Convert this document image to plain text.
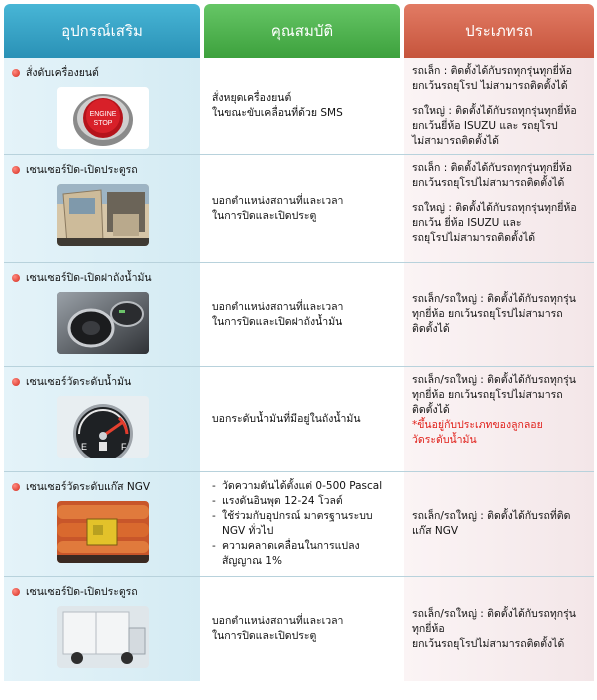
อุปกรณ์เสริม	คุณสมบัติ	ประเภทรถ
สั่งดับเครื่องยนต์
ENGINE
STOP

สั่งหยุดเครื่องยนต์

ในขณะขับเคลื่อนที่ด้วย SMS

รถเล็ก : ติดตั้งได้กับรถทุกรุ่นทุกยี่ห้อ

ยกเว้นรถยุโรป ไม่สามารถติดตั้งได้

รถใหญ่ : ติดตั้งได้กับรถทุกรุ่นทุกยี่ห้อ

ยกเว้นยี่ห้อ ISUZU และ รถยุโรป

ไม่สามารถติดตั้งได้

เซนเซอร์ปิด-เปิดประตูรถ

บอกตำแหน่งสถานที่และเวลา

ในการปิดและเปิดประตู

รถเล็ก : ติดตั้งได้กับรถทุกรุ่นทุกยี่ห้อ

ยกเว้นรถยุโรปไม่สามารถติดตั้งได้

รถใหญ่ : ติดตั้งได้กับรถทุกรุ่นทุกยี่ห้อ

ยกเว้น ยี่ห้อ ISUZU และ

รถยุโรปไม่สามารถติดตั้งได้

เซนเซอร์ปิด-เปิดฝาถังน้ำมัน

บอกตำแหน่งสถานที่และเวลา

ในการปิดและเปิดฝาถังน้ำมัน

รถเล็ก/รถใหญ่ : ติดตั้งได้กับรถทุกรุ่น

ทุกยี่ห้อ ยกเว้นรถยุโรปไม่สามารถ

ติดตั้งได้

เซนเซอร์วัดระดับน้ำมัน
E	F

บอกระดับน้ำมันที่มีอยู่ในถังน้ำมัน

รถเล็ก/รถใหญ่ : ติดตั้งได้กับรถทุกรุ่น

ทุกยี่ห้อ ยกเว้นรถยุโรปไม่สามารถ

ติดตั้งได้

*ขึ้นอยู่กับประเภทของลูกลอย

วัดระดับน้ำมัน

เซนเซอร์วัดระดับแก๊ส NGV
-	วัดความดันได้ตั้งแต่ 0-500 Pascal
- แรงดันอินพุต 12-24 โวลต์
- ใช้ร่วมกับอุปกรณ์ มาตรฐานระบบ
NGV ทั่วไป
- ความคลาดเคลื่อนในการแปลง
สัญญาณ 1%

รถเล็ก/รถใหญ่ : ติดตั้งได้กับรถที่ติด

แก๊ส NGV

เซนเซอร์ปิด-เปิดประตูรถ

บอกตำแหน่งสถานที่และเวลา

ในการปิดและเปิดประตู

รถเล็ก/รถใหญ่ : ติดตั้งได้กับรถทุกรุ่น

ทุกยี่ห้อ

ยกเว้นรถยุโรปไม่สามารถติดตั้งได้
